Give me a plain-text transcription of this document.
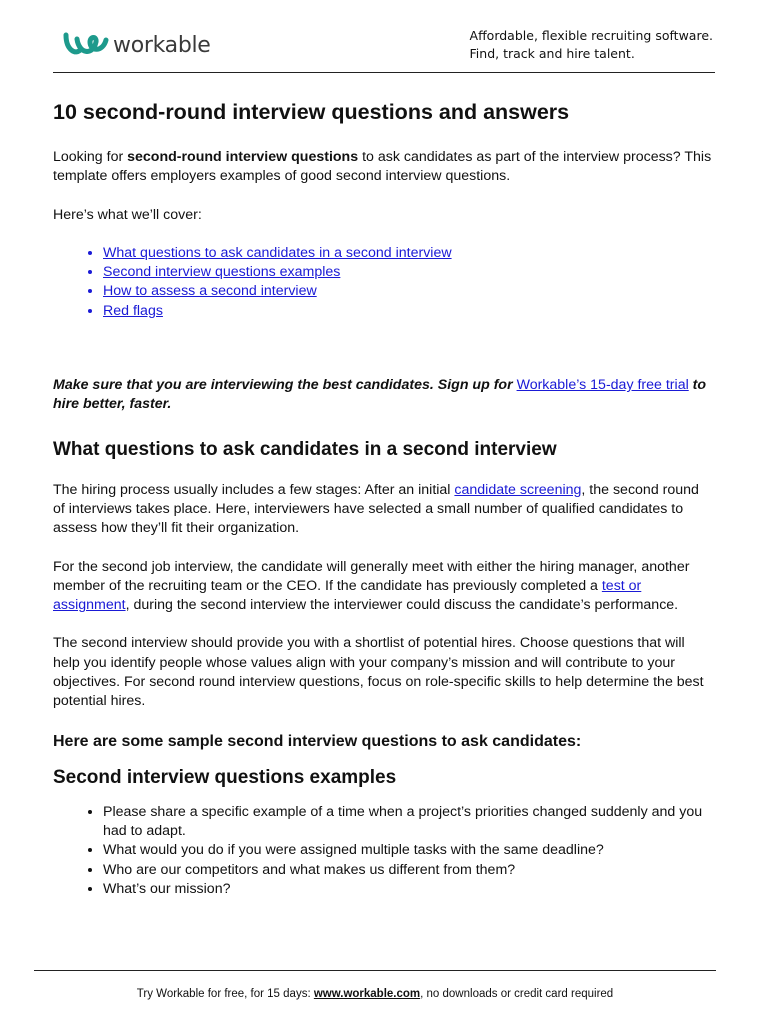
workable	Affordable, flexible recruiting software.
Find, track and hire talent.
10 second-round interview questions and answers

Looking for second-round interview questions to ask candidates as part of the interview process? This template offers employers examples of good second interview questions.

Here’s what we’ll cover:

• What questions to ask candidates in a second interview
• Second interview questions examples
• How to assess a second interview
• Red flags

Make sure that you are interviewing the best candidates. Sign up for Workable’s 15-day free trial to hire better, faster.

What questions to ask candidates in a second interview

The hiring process usually includes a few stages: After an initial candidate screening, the second round of interviews takes place. Here, interviewers have selected a small number of qualified candidates to assess how they’ll fit their organization.

For the second job interview, the candidate will generally meet with either the hiring manager, another member of the recruiting team or the CEO. If the candidate has previously completed a test or assignment, during the second interview the interviewer could discuss the candidate’s performance.

The second interview should provide you with a shortlist of potential hires. Choose questions that will help you identify people whose values align with your company’s mission and will contribute to your objectives. For second round interview questions, focus on role-specific skills to help determine the best potential hires.

Here are some sample second interview questions to ask candidates:
Second interview questions examples
• Please share a specific example of a time when a project’s priorities changed suddenly and you had to adapt.
• What would you do if you were assigned multiple tasks with the same deadline?
• Who are our competitors and what makes us different from them?
• What’s our mission?
Try Workable for free, for 15 days: www.workable.com, no downloads or credit card required
